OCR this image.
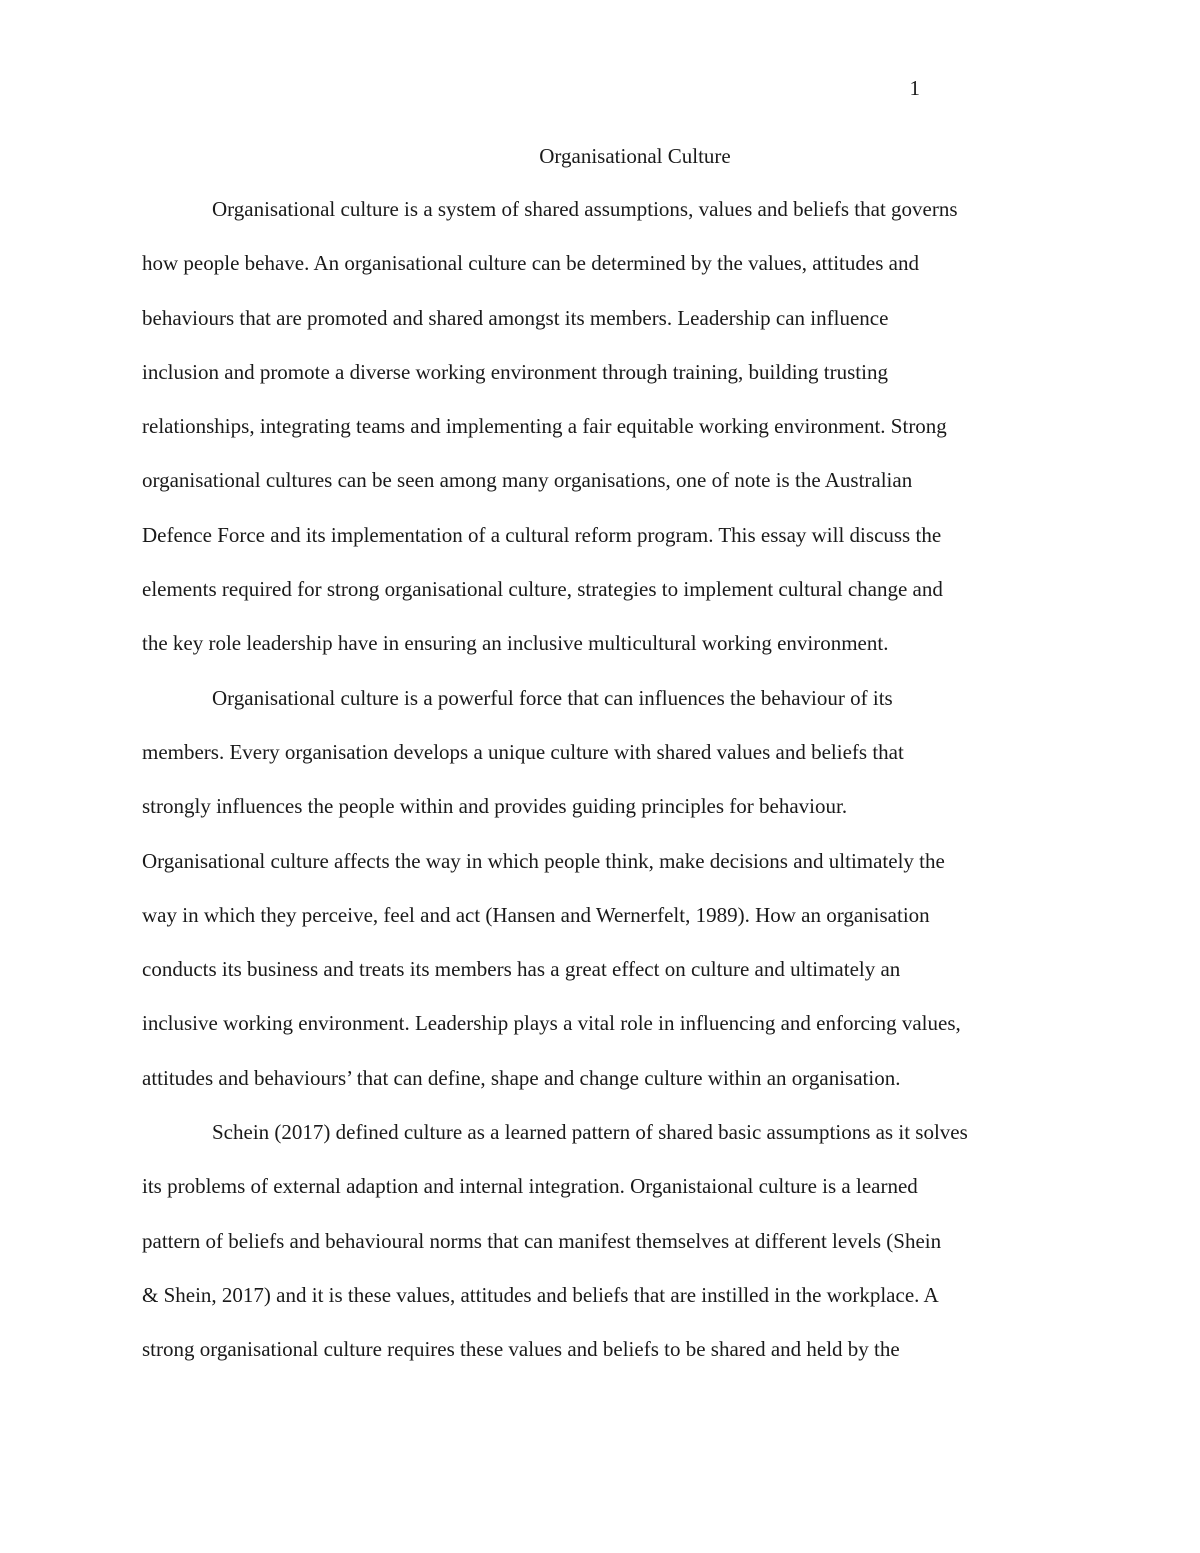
1
Organisational Culture
Organisational culture is a system of shared assumptions, values and beliefs that governs
how people behave. An organisational culture can be determined by the values, attitudes and
behaviours that are promoted and shared amongst its members. Leadership can influence
inclusion and promote a diverse working environment through training, building trusting
relationships, integrating teams and implementing a fair equitable working environment. Strong
organisational cultures can be seen among many organisations, one of note is the Australian
Defence Force and its implementation of a cultural reform program. This essay will discuss the
elements required for strong organisational culture, strategies to implement cultural change and
the key role leadership have in ensuring an inclusive multicultural working environment.
Organisational culture is a powerful force that can influences the behaviour of its
members. Every organisation develops a unique culture with shared values and beliefs that
strongly influences the people within and provides guiding principles for behaviour.
Organisational culture affects the way in which people think, make decisions and ultimately the
way in which they perceive, feel and act (Hansen and Wernerfelt, 1989). How an organisation
conducts its business and treats its members has a great effect on culture and ultimately an
inclusive working environment. Leadership plays a vital role in influencing and enforcing values,
attitudes and behaviours’ that can define, shape and change culture within an organisation.
Schein (2017) defined culture as a learned pattern of shared basic assumptions as it solves
its problems of external adaption and internal integration. Organistaional culture is a learned
pattern of beliefs and behavioural norms that can manifest themselves at different levels (Shein
& Shein, 2017) and it is these values, attitudes and beliefs that are instilled in the workplace. A
strong organisational culture requires these values and beliefs to be shared and held by the
